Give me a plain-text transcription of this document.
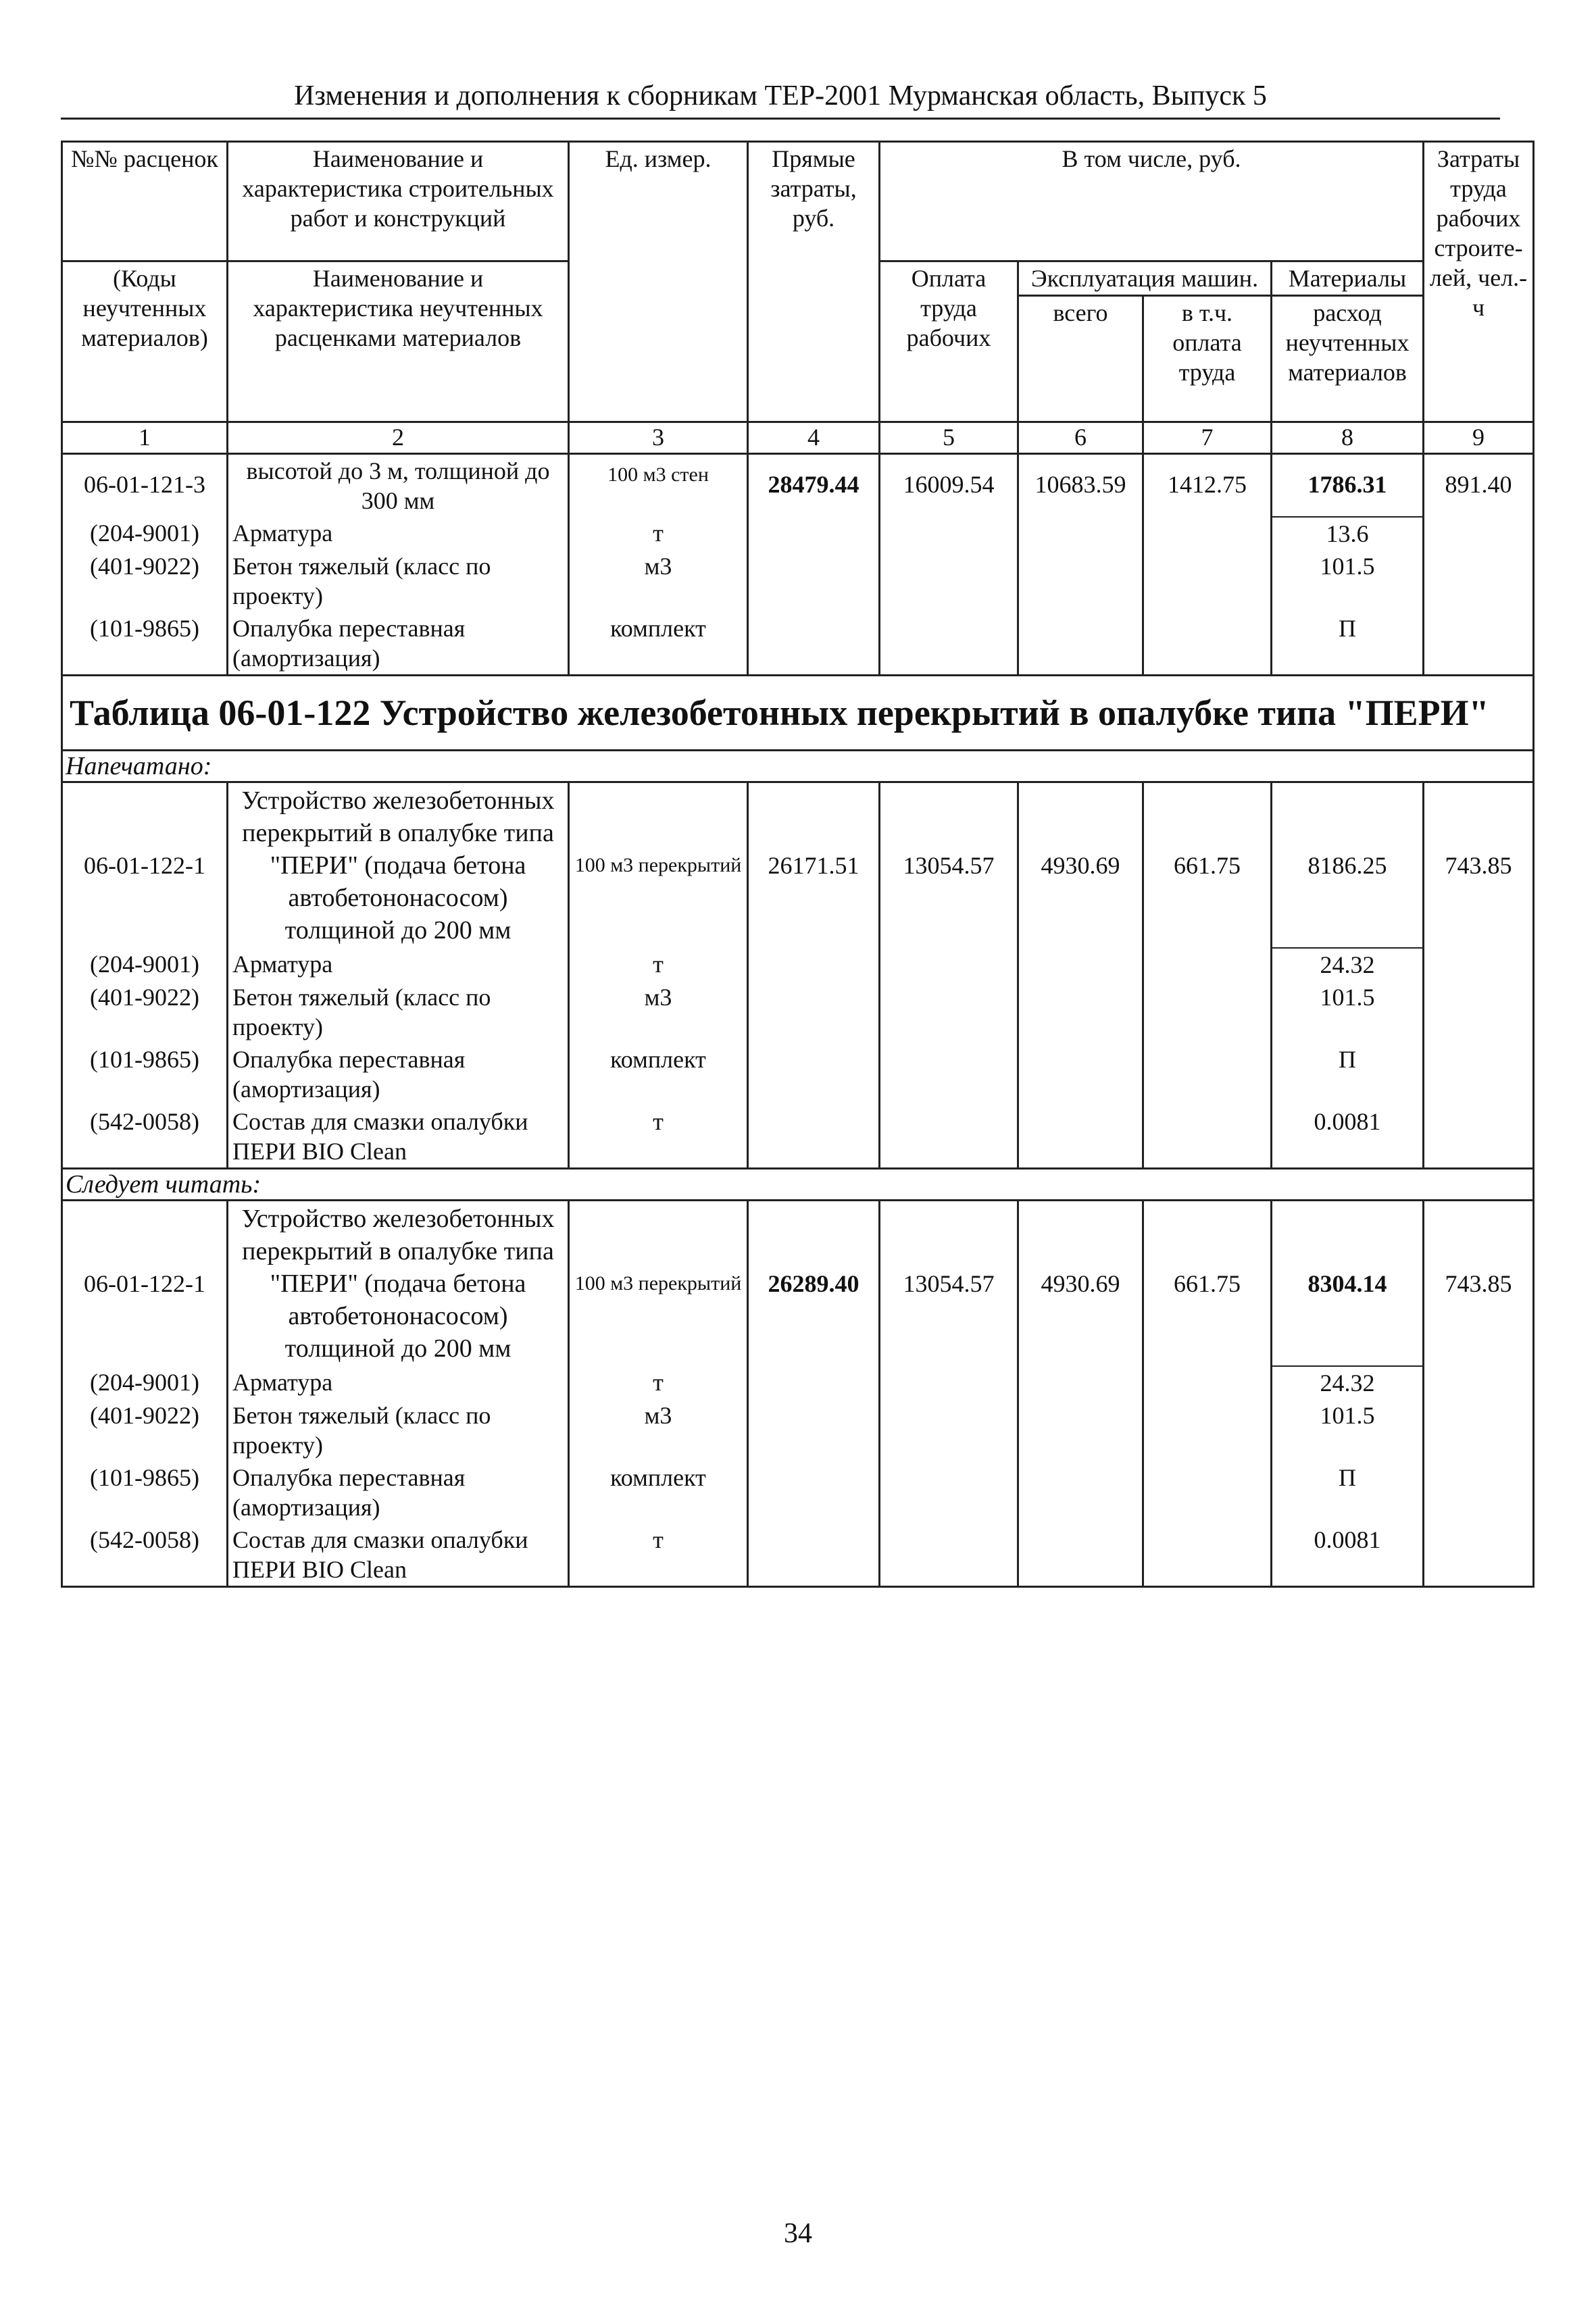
Изменения и дополнения к сборникам ТЕР-2001 Мурманская область, Выпуск 5
№№ расценок	Наименование и характеристика строительных работ и конструкций	Ед. измер.	Прямые затраты, руб.	В том числе, руб.				Затраты труда рабочих строите-лей, чел.-ч
(Коды неучтенных материалов)	Наименование и характеристика неучтенных расценками материалов			Оплата труда рабочих	Эксплуатация машин.		Материалы	
					всего	в т.ч. оплата труда	расход неучтенных материалов	
1	2	3	4	5	6	7	8	9
06-01-121-3	высотой до 3 м, толщиной до 300 мм	100 м3 стен	28479.44	16009.54	10683.59	1412.75	1786.31	891.40
(204-9001)	Арматура	т					13.6	
(401-9022)	Бетон тяжелый (класс по проекту)	м3					101.5	
(101-9865)	Опалубка переставная (амортизация)	комплект					П	
Таблица 06-01-122 Устройство железобетонных перекрытий в опалубке типа "ПЕРИ"								
Напечатано:								
06-01-122-1	Устройство железобетонных перекрытий в опалубке типа "ПЕРИ" (подача бетона автобетононасосом) толщиной до 200 мм	100 м3 перекрытий	26171.51	13054.57	4930.69	661.75	8186.25	743.85
(204-9001)	Арматура	т					24.32	
(401-9022)	Бетон тяжелый (класс по проекту)	м3					101.5	
(101-9865)	Опалубка переставная (амортизация)	комплект					П	
(542-0058)	Состав для смазки опалубки ПЕРИ BIO Clean	т					0.0081	
Следует читать:								
06-01-122-1	Устройство железобетонных перекрытий в опалубке типа "ПЕРИ" (подача бетона автобетононасосом) толщиной до 200 мм	100 м3 перекрытий	26289.40	13054.57	4930.69	661.75	8304.14	743.85
(204-9001)	Арматура	т					24.32	
(401-9022)	Бетон тяжелый (класс по проекту)	м3					101.5	
(101-9865)	Опалубка переставная (амортизация)	комплект					П	
(542-0058)	Состав для смазки опалубки ПЕРИ BIO Clean	т					0.0081	
34
